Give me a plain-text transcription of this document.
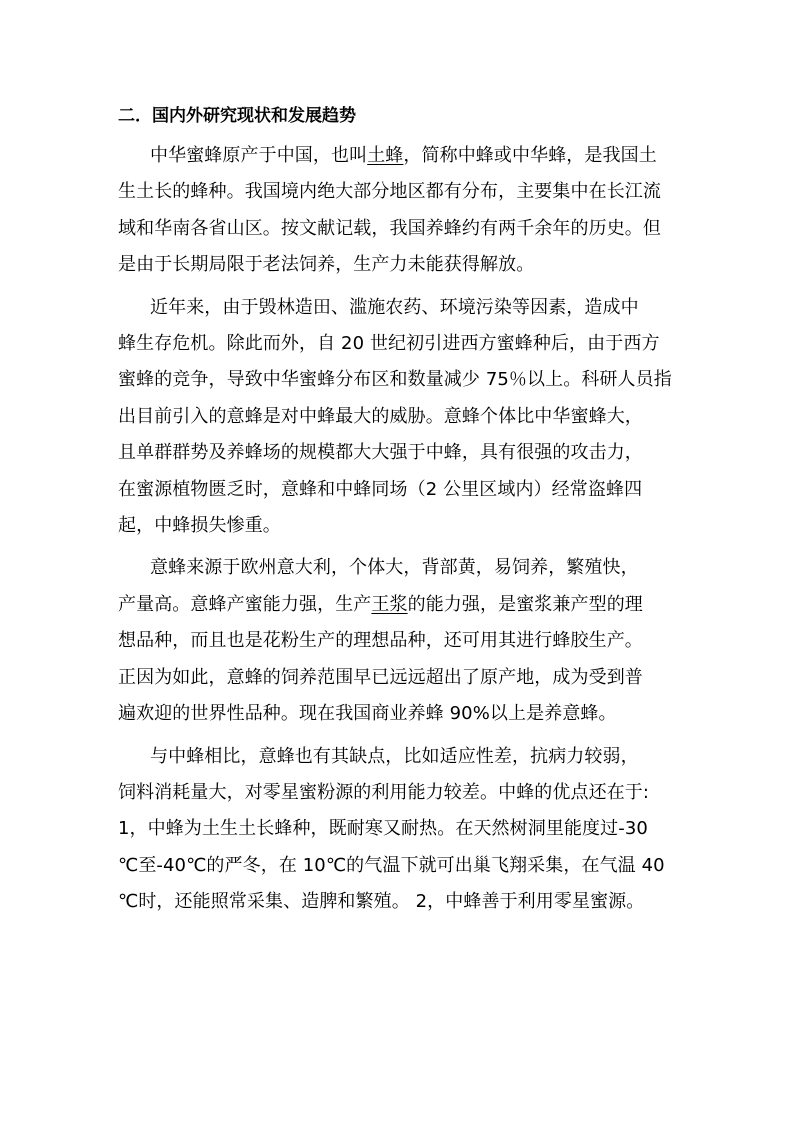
二．国内外研究现状和发展趋势
中华蜜蜂原产于中国，也叫土蜂，简称中蜂或中华蜂，是我国土
生土长的蜂种。我国境内绝大部分地区都有分布，主要集中在长江流
域和华南各省山区。按文献记载，我国养蜂约有两千余年的历史。但
是由于长期局限于老法饲养，生产力未能获得解放。
近年来，由于毁林造田、滥施农药、环境污染等因素，造成中
蜂生存危机。除此而外，自 20 世纪初引进西方蜜蜂种后，由于西方
蜜蜂的竞争，导致中华蜜蜂分布区和数量减少 75％以上。科研人员指
出目前引入的意蜂是对中蜂最大的威胁。意蜂个体比中华蜜蜂大，
且单群群势及养蜂场的规模都大大强于中蜂，具有很强的攻击力，
在蜜源植物匮乏时，意蜂和中蜂同场（2 公里区域内）经常盗蜂四
起，中蜂损失惨重。
意蜂来源于欧州意大利，个体大，背部黄，易饲养，繁殖快，
产量高。意蜂产蜜能力强，生产王浆的能力强，是蜜浆兼产型的理
想品种，而且也是花粉生产的理想品种，还可用其进行蜂胶生产。
正因为如此，意蜂的饲养范围早已远远超出了原产地，成为受到普
遍欢迎的世界性品种。现在我国商业养蜂 90%以上是养意蜂。
与中蜂相比，意蜂也有其缺点，比如适应性差，抗病力较弱，
饲料消耗量大，对零星蜜粉源的利用能力较差。中蜂的优点还在于:
1，中蜂为土生土长蜂种，既耐寒又耐热。在天然树洞里能度过-30
℃至-40℃的严冬，在 10℃的气温下就可出巢飞翔采集，在气温 40
℃时，还能照常采集、造脾和繁殖。 2，中蜂善于利用零星蜜源。
